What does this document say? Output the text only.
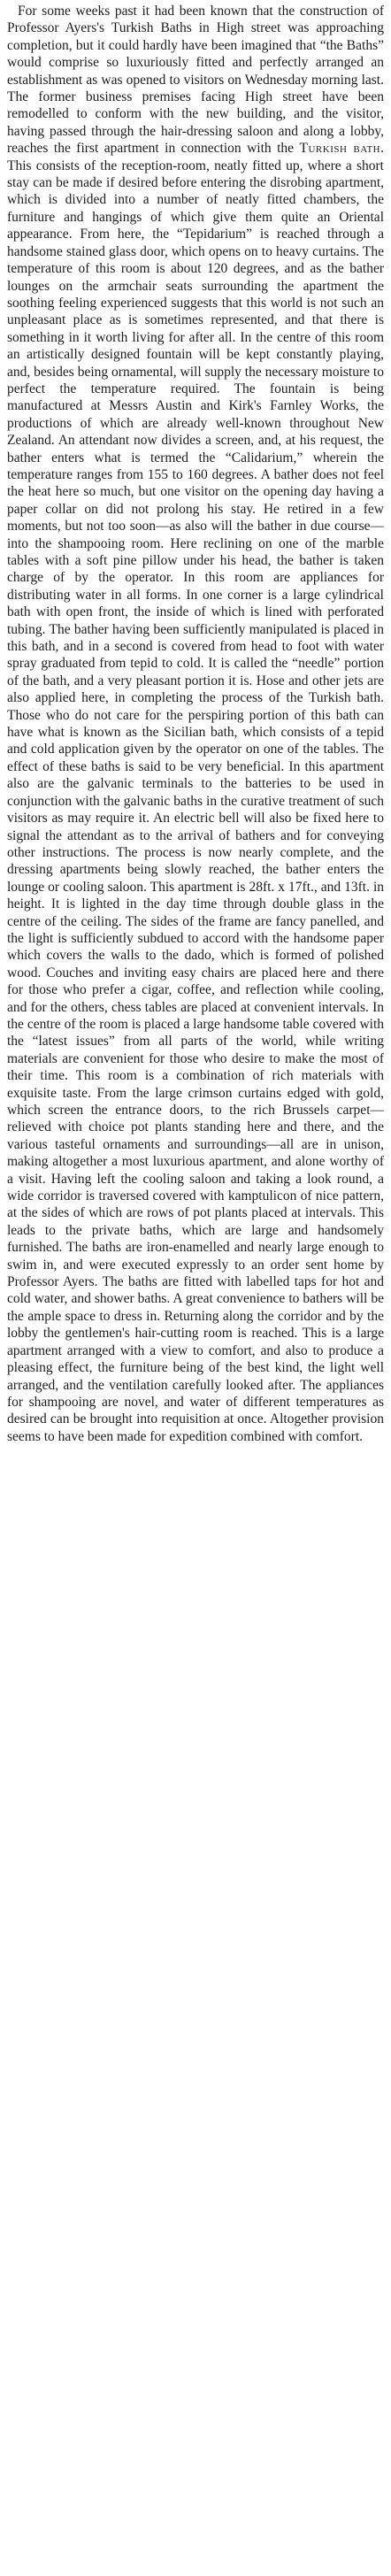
For some weeks past it had been known that the construction of Professor Ayers's Turkish Baths in High street was approaching completion, but it could hardly have been imagined that “the Baths” would comprise so luxuriously fitted and perfectly arranged an establishment as was opened to visitors on Wednesday morning last. The former business premises facing High street have been remodelled to conform with the new building, and the visitor, having passed through the hair-dressing saloon and along a lobby, reaches the first apartment in connection with the Turkish bath. This consists of the reception-room, neatly fitted up, where a short stay can be made if desired before entering the disrobing apartment, which is divided into a number of neatly fitted chambers, the furniture and hangings of which give them quite an Oriental appearance. From here, the “Tepidarium” is reached through a handsome stained glass door, which opens on to heavy curtains. The temperature of this room is about 120 degrees, and as the bather lounges on the armchair seats surrounding the apartment the soothing feeling experienced suggests that this world is not such an unpleasant place as is sometimes represented, and that there is something in it worth living for after all. In the centre of this room an artistically designed fountain will be kept constantly playing, and, besides being ornamental, will supply the necessary moisture to perfect the temperature required. The fountain is being manufactured at Messrs Austin and Kirk's Farnley Works, the productions of which are already well-known throughout New Zealand. An attendant now divides a screen, and, at his request, the bather enters what is termed the “Calidarium,” wherein the temperature ranges from 155 to 160 degrees. A bather does not feel the heat here so much, but one visitor on the opening day having a paper collar on did not prolong his stay. He retired in a few moments, but not too soon—as also will the bather in due course—into the shampooing room. Here reclining on one of the marble tables with a soft pine pillow under his head, the bather is taken charge of by the operator. In this room are appliances for distributing water in all forms. In one corner is a large cylindrical bath with open front, the inside of which is lined with perforated tubing. The bather having been sufficiently manipulated is placed in this bath, and in a second is covered from head to foot with water spray graduated from tepid to cold. It is called the “needle” portion of the bath, and a very pleasant portion it is. Hose and other jets are also applied here, in completing the process of the Turkish bath. Those who do not care for the perspiring portion of this bath can have what is known as the Sicilian bath, which consists of a tepid and cold application given by the operator on one of the tables. The effect of these baths is said to be very beneficial. In this apartment also are the galvanic terminals to the batteries to be used in conjunction with the galvanic baths in the curative treatment of such visitors as may require it. An electric bell will also be fixed here to signal the attendant as to the arrival of bathers and for conveying other instructions. The process is now nearly complete, and the dressing apartments being slowly reached, the bather enters the lounge or cooling saloon. This apartment is 28ft. x 17ft., and 13ft. in height. It is lighted in the day time through double glass in the centre of the ceiling. The sides of the frame are fancy panelled, and the light is sufficiently subdued to accord with the handsome paper which covers the walls to the dado, which is formed of polished wood. Couches and inviting easy chairs are placed here and there for those who prefer a cigar, coffee, and reflection while cooling, and for the others, chess tables are placed at convenient intervals. In the centre of the room is placed a large handsome table covered with the “latest issues” from all parts of the world, while writing materials are convenient for those who desire to make the most of their time. This room is a combination of rich materials with exquisite taste. From the large crimson curtains edged with gold, which screen the entrance doors, to the rich Brussels carpet—relieved with choice pot plants standing here and there, and the various tasteful ornaments and surroundings—all are in unison, making altogether a most luxurious apartment, and alone worthy of a visit. Having left the cooling saloon and taking a look round, a wide corridor is traversed covered with kamptulicon of nice pattern, at the sides of which are rows of pot plants placed at intervals. This leads to the private baths, which are large and handsomely furnished. The baths are iron-enamelled and nearly large enough to swim in, and were executed expressly to an order sent home by Professor Ayers. The baths are fitted with labelled taps for hot and cold water, and shower baths. A great convenience to bathers will be the ample space to dress in. Returning along the corridor and by the lobby the gentlemen's hair-cutting room is reached. This is a large apartment arranged with a view to comfort, and also to produce a pleasing effect, the furniture being of the best kind, the light well arranged, and the ventilation carefully looked after. The appliances for shampooing are novel, and water of different temperatures as desired can be brought into requisition at once. Altogether provision seems to have been made for expedition combined with comfort.
